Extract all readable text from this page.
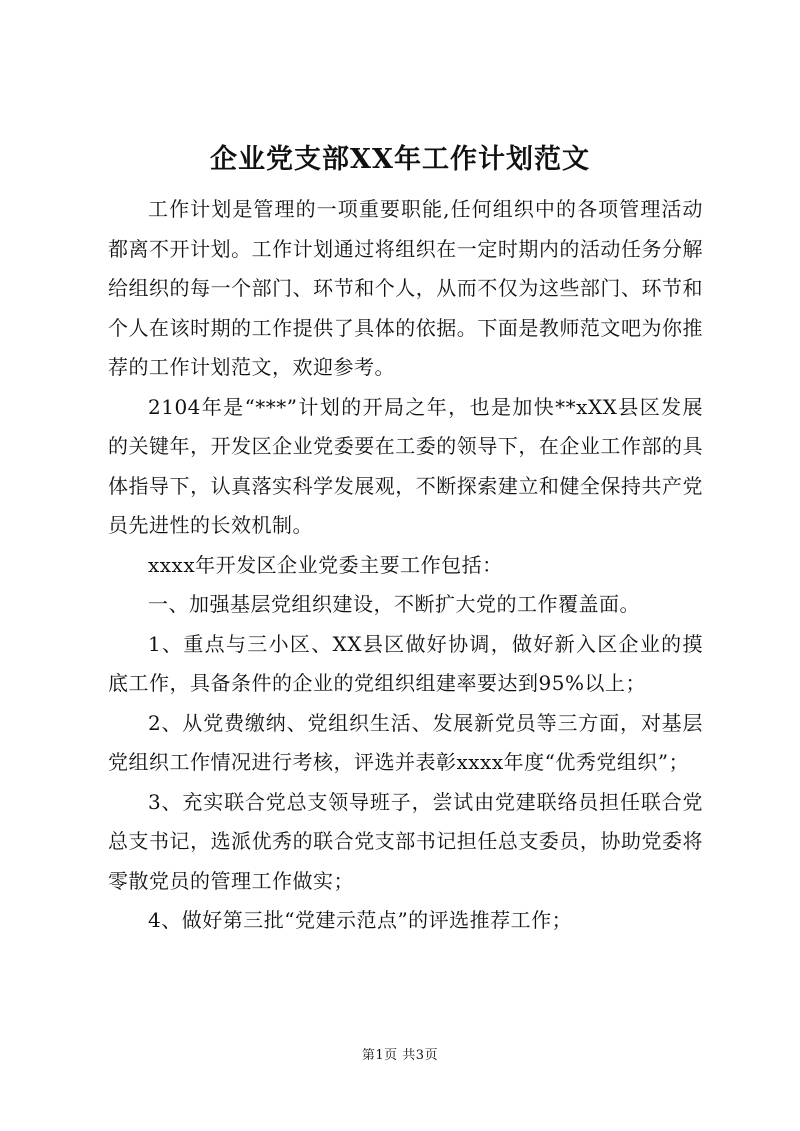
企业党支部XX年工作计划范文

工作计划是管理的一项重要职能,任何组织中的各项管理活动都离不开计划。工作计划通过将组织在一定时期内的活动任务分解给组织的每一个部门、环节和个人，从而不仅为这些部门、环节和个人在该时期的工作提供了具体的依据。下面是教师范文吧为你推荐的工作计划范文，欢迎参考。

2104年是“***”计划的开局之年，也是加快**xXX县区发展的关键年，开发区企业党委要在工委的领导下，在企业工作部的具体指导下，认真落实科学发展观，不断探索建立和健全保持共产党员先进性的长效机制。

xxxx年开发区企业党委主要工作包括：

一、加强基层党组织建设，不断扩大党的工作覆盖面。

1、重点与三小区、XX县区做好协调，做好新入区企业的摸底工作，具备条件的企业的党组织组建率要达到95%以上；

2、从党费缴纳、党组织生活、发展新党员等三方面，对基层党组织工作情况进行考核，评选并表彰xxxx年度“优秀党组织”；

3、充实联合党总支领导班子，尝试由党建联络员担任联合党总支书记，选派优秀的联合党支部书记担任总支委员，协助党委将零散党员的管理工作做实；

4、做好第三批“党建示范点”的评选推荐工作；

第1页 共3页
